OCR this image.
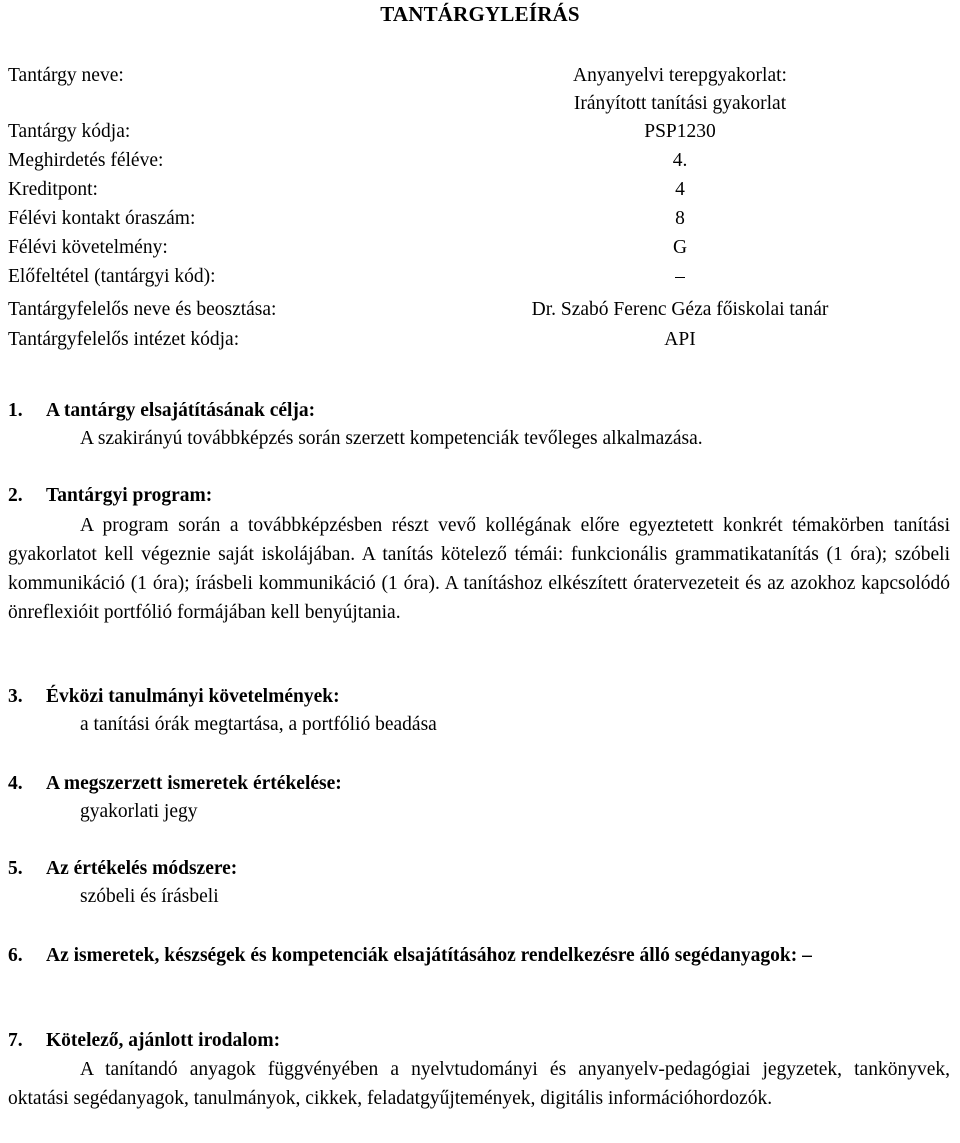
TANTÁRGYLEÍRÁS
Tantárgy neve:	Anyanyelvi terepgyakorlat:
Irányított tanítási gyakorlat
Tantárgy kódja:	PSP1230
Meghirdetés féléve:	4.
Kreditpont:	4
Félévi kontakt óraszám:	8
Félévi követelmény:	G
Előfeltétel (tantárgyi kód):	–
Tantárgyfelelős neve és beosztása:	Dr. Szabó Ferenc Géza főiskolai tanár
Tantárgyfelelős intézet kódja:	API
1. A tantárgy elsajátításának célja:
A szakirányú továbbképzés során szerzett kompetenciák tevőleges alkalmazása.
2. Tantárgyi program:
A program során a továbbképzésben részt vevő kollégának előre egyeztetett konkrét témakörben tanítási gyakorlatot kell végeznie saját iskolájában. A tanítás kötelező témái: funkcionális grammatikatanítás (1 óra); szóbeli kommunikáció (1 óra); írásbeli kommunikáció (1 óra). A tanításhoz elkészített óratervezeteit és az azokhoz kapcsolódó önreflexióit portfólió formájában kell benyújtania.
3. Évközi tanulmányi követelmények:
a tanítási órák megtartása, a portfólió beadása
4. A megszerzett ismeretek értékelése:
gyakorlati jegy
5. Az értékelés módszere:
szóbeli és írásbeli
6. Az ismeretek, készségek és kompetenciák elsajátításához rendelkezésre álló segédanyagok: –
7. Kötelező, ajánlott irodalom:
A tanítandó anyagok függvényében a nyelvtudományi és anyanyelv-pedagógiai jegyzetek, tankönyvek, oktatási segédanyagok, tanulmányok, cikkek, feladatgyűjtemények, digitális információhordozók.
